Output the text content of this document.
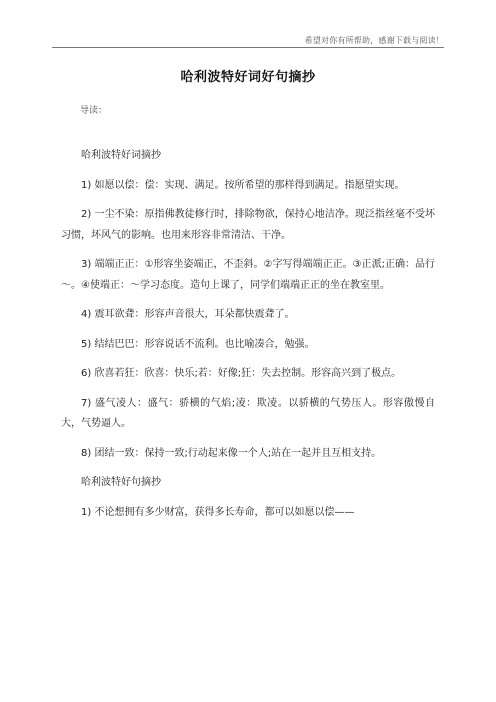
希望对你有所帮助，感谢下载与阅读！
哈利波特好词好句摘抄
导读：

哈利波特好词摘抄

1) 如愿以偿：偿：实现、满足。按所希望的那样得到满足。指愿望实现。

2) 一尘不染：原指佛教徒修行时，排除物欲，保持心地洁净。现泛指丝毫不受坏习惯，坏风气的影响。也用来形容非常清洁、干净。

3) 端端正正：①形容坐姿端正，不歪斜。②字写得端端正正。③正派;正确：品行～。④使端正：～学习态度。造句上课了，同学们端端正正的坐在教室里。

4) 震耳欲聋：形容声音很大，耳朵都快震聋了。

5) 结结巴巴：形容说话不流利。也比喻凑合，勉强。

6) 欣喜若狂：欣喜：快乐;若：好像;狂：失去控制。形容高兴到了极点。

7) 盛气凌人：盛气：骄横的气焰;凌：欺凌。以骄横的气势压人。形容傲慢自大，气势逼人。

8) 团结一致：保持一致;行动起来像一个人;站在一起并且互相支持。

哈利波特好句摘抄

1) 不论想拥有多少财富，获得多长寿命，都可以如愿以偿——
